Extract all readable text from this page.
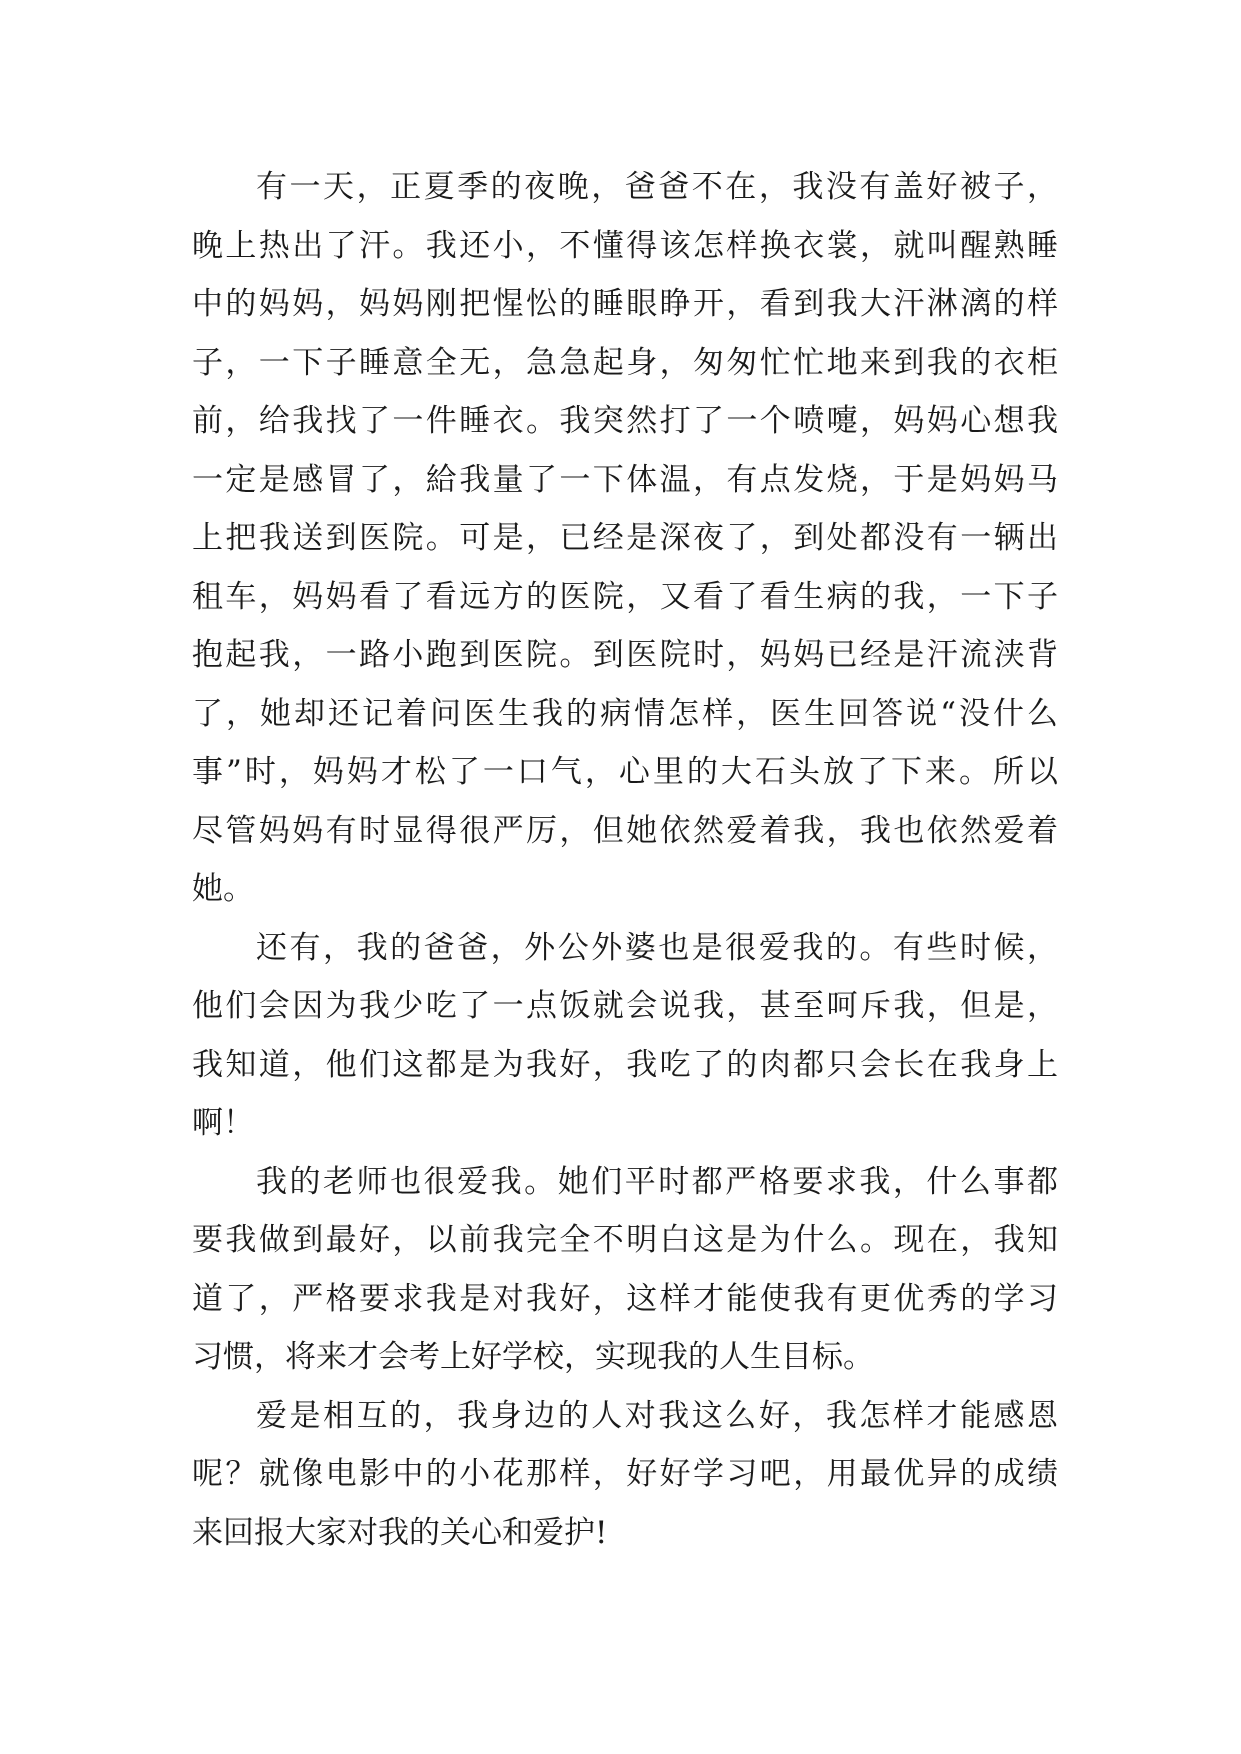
有一天，正夏季的夜晚，爸爸不在，我没有盖好被子，
晚上热出了汗。我还小，不懂得该怎样换衣裳，就叫醒熟睡
中的妈妈，妈妈刚把惺忪的睡眼睁开，看到我大汗淋漓的样
子，一下子睡意全无，急急起身，匆匆忙忙地来到我的衣柜
前，给我找了一件睡衣。我突然打了一个喷嚏，妈妈心想我
一定是感冒了，給我量了一下体温，有点发烧，于是妈妈马
上把我送到医院。可是，已经是深夜了，到处都没有一辆出
租车，妈妈看了看远方的医院，又看了看生病的我，一下子
抱起我，一路小跑到医院。到医院时，妈妈已经是汗流浃背
了，她却还记着问医生我的病情怎样，医生回答说“没什么
事”时，妈妈才松了一口气，心里的大石头放了下来。所以
尽管妈妈有时显得很严厉，但她依然爱着我，我也依然爱着
她。
还有，我的爸爸，外公外婆也是很爱我的。有些时候，
他们会因为我少吃了一点饭就会说我，甚至呵斥我，但是，
我知道，他们这都是为我好，我吃了的肉都只会长在我身上
啊！
我的老师也很爱我。她们平时都严格要求我，什么事都
要我做到最好，以前我完全不明白这是为什么。现在，我知
道了，严格要求我是对我好，这样才能使我有更优秀的学习
习惯，将来才会考上好学校，实现我的人生目标。
爱是相互的，我身边的人对我这么好，我怎样才能感恩
呢？就像电影中的小花那样，好好学习吧，用最优异的成绩
来回报大家对我的关心和爱护!
